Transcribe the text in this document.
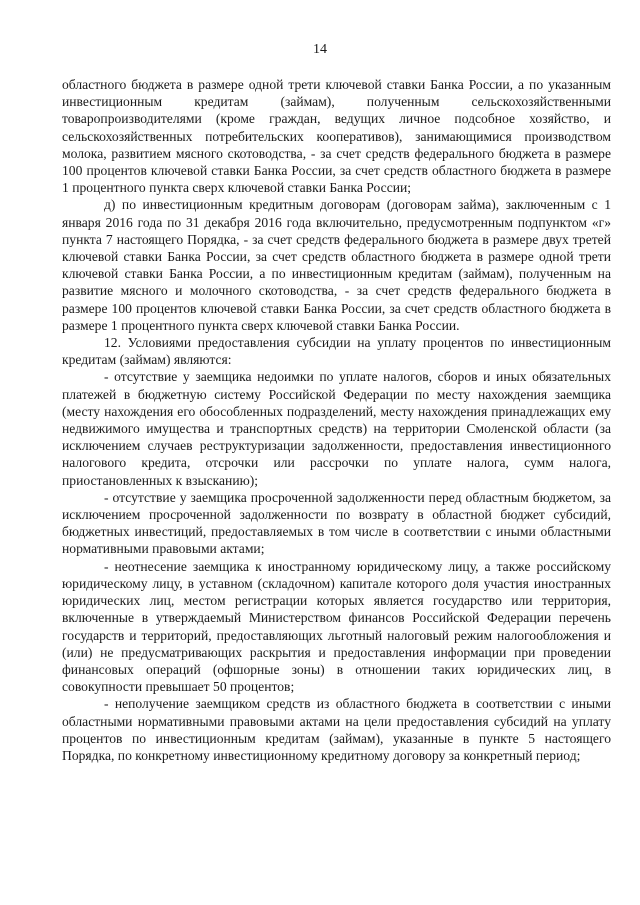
14

областного бюджета в размере одной трети ключевой ставки Банка России, а по указанным инвестиционным кредитам (займам), полученным сельскохозяйственными товаропроизводителями (кроме граждан, ведущих личное подсобное хозяйство, и сельскохозяйственных потребительских кооперативов), занимающимися производством молока, развитием мясного скотоводства, - за счет средств федерального бюджета в размере 100 процентов ключевой ставки Банка России, за счет средств областного бюджета в размере 1 процентного пункта сверх ключевой ставки Банка России;

д) по инвестиционным кредитным договорам (договорам займа), заключенным с 1 января 2016 года по 31 декабря 2016 года включительно, предусмотренным подпунктом «г» пункта 7 настоящего Порядка, - за счет средств федерального бюджета в размере двух третей ключевой ставки Банка России, за счет средств областного бюджета в размере одной трети ключевой ставки Банка России, а по инвестиционным кредитам (займам), полученным на развитие мясного и молочного скотоводства, - за счет средств федерального бюджета в размере 100 процентов ключевой ставки Банка России, за счет средств областного бюджета в размере 1 процентного пункта сверх ключевой ставки Банка России.

12. Условиями предоставления субсидии на уплату процентов по инвестиционным кредитам (займам) являются:

- отсутствие у заемщика недоимки по уплате налогов, сборов и иных обязательных платежей в бюджетную систему Российской Федерации по месту нахождения заемщика (месту нахождения его обособленных подразделений, месту нахождения принадлежащих ему недвижимого имущества и транспортных средств) на территории Смоленской области (за исключением случаев реструктуризации задолженности, предоставления инвестиционного налогового кредита, отсрочки или рассрочки по уплате налога, сумм налога, приостановленных к взысканию);

- отсутствие у заемщика просроченной задолженности перед областным бюджетом, за исключением просроченной задолженности по возврату в областной бюджет субсидий, бюджетных инвестиций, предоставляемых в том числе в соответствии с иными областными нормативными правовыми актами;

- неотнесение заемщика к иностранному юридическому лицу, а также российскому юридическому лицу, в уставном (складочном) капитале которого доля участия иностранных юридических лиц, местом регистрации которых является государство или территория, включенные в утверждаемый Министерством финансов Российской Федерации перечень государств и территорий, предоставляющих льготный налоговый режим налогообложения и (или) не предусматривающих раскрытия и предоставления информации при проведении финансовых операций (офшорные зоны) в отношении таких юридических лиц, в совокупности превышает 50 процентов;

- неполучение заемщиком средств из областного бюджета в соответствии с иными областными нормативными правовыми актами на цели предоставления субсидий на уплату процентов по инвестиционным кредитам (займам), указанные в пункте 5 настоящего Порядка, по конкретному инвестиционному кредитному договору за конкретный период;
